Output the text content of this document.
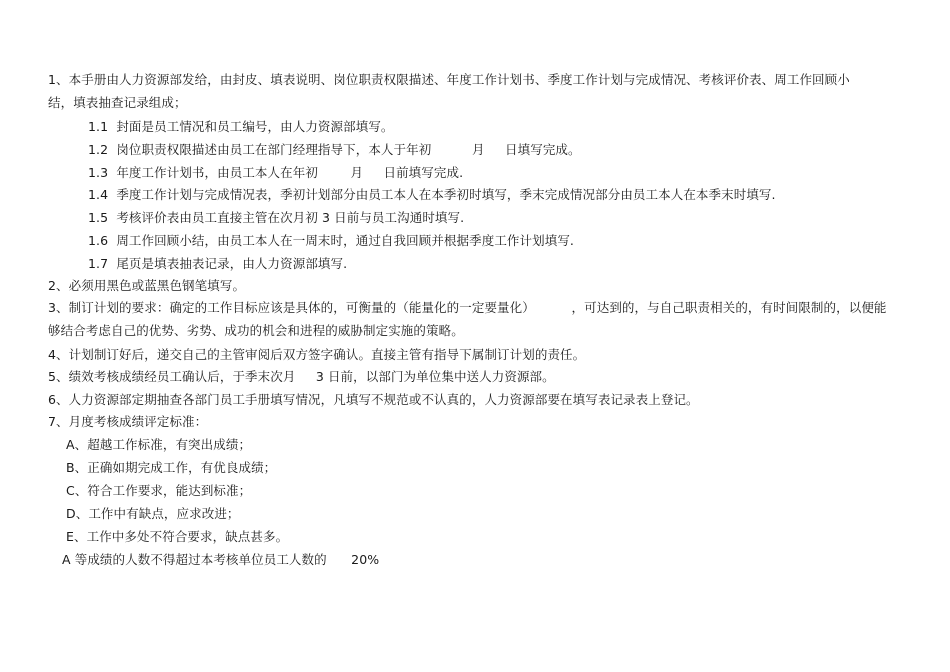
1、本手册由人力资源部发给，由封皮、填表说明、岗位职责权限描述、年度工作计划书、季度工作计划与完成情况、考核评价表、周工作回顾小
结，填表抽查记录组成；
1.1  封面是员工情况和员工编号，由人力资源部填写。
1.2  岗位职责权限描述由员工在部门经理指导下，本人于年初          月     日填写完成。
1.3  年度工作计划书，由员工本人在年初        月     日前填写完成.
1.4  季度工作计划与完成情况表，季初计划部分由员工本人在本季初时填写，季末完成情况部分由员工本人在本季末时填写.
1.5  考核评价表由员工直接主管在次月初 3 日前与员工沟通时填写.
1.6  周工作回顾小结，由员工本人在一周末时，通过自我回顾并根据季度工作计划填写.
1.7  尾页是填表抽表记录，由人力资源部填写.
2、必须用黑色或蓝黑色钢笔填写。
3、制订计划的要求：确定的工作目标应该是具体的，可衡量的（能量化的一定要量化）         ，可达到的，与自己职责相关的，有时间限制的，以便能
够结合考虑自己的优势、劣势、成功的机会和进程的威胁制定实施的策略。
4、计划制订好后，递交自己的主管审阅后双方签字确认。直接主管有指导下属制订计划的责任。
5、绩效考核成绩经员工确认后，于季末次月     3 日前，以部门为单位集中送人力资源部。
6、人力资源部定期抽查各部门员工手册填写情况，凡填写不规范或不认真的，人力资源部要在填写表记录表上登记。
7、月度考核成绩评定标准：
A、超越工作标准，有突出成绩；
B、正确如期完成工作，有优良成绩；
C、符合工作要求，能达到标准；
D、工作中有缺点，应求改进；
E、工作中多处不符合要求，缺点甚多。
A 等成绩的人数不得超过本考核单位员工人数的      20%
